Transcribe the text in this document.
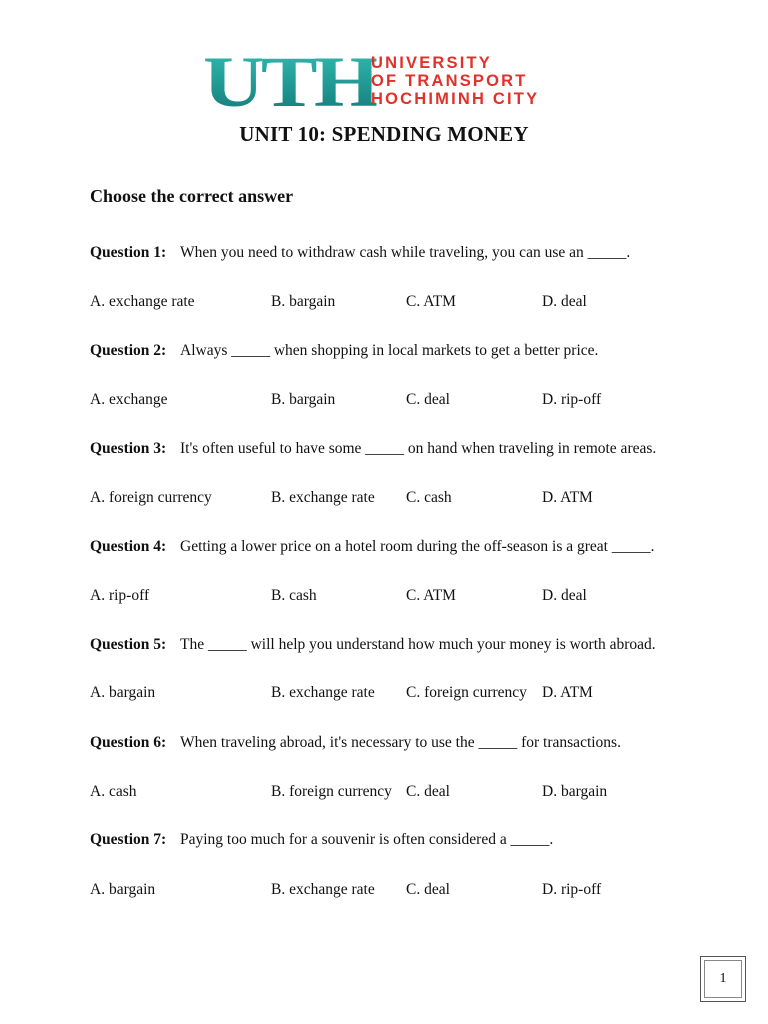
UTH
UNIVERSITY
OF TRANSPORT
HOCHIMINH CITY
UNIT 10: SPENDING MONEY
Choose the correct answer
Question 1: When you need to withdraw cash while traveling, you can use an _____.
A. exchange rate	B. bargain	C. ATM	D. deal
Question 2: Always _____ when shopping in local markets to get a better price.
A. exchange	B. bargain	C. deal	D. rip-off
Question 3: It's often useful to have some _____ on hand when traveling in remote areas.
A. foreign currency	B. exchange rate C. cash	D. ATM
Question 4: Getting a lower price on a hotel room during the off-season is a great _____.
A. rip-off	B. cash	C. ATM	D. deal
Question 5: The _____ will help you understand how much your money is worth abroad.
A. bargain	B. exchange rate C. foreign currency D. ATM
Question 6: When traveling abroad, it's necessary to use the _____ for transactions.
A. cash	B. foreign currency C. deal	D. bargain
Question 7: Paying too much for a souvenir is often considered a _____.
A. bargain	B. exchange rate C. deal	D. rip-off
1
